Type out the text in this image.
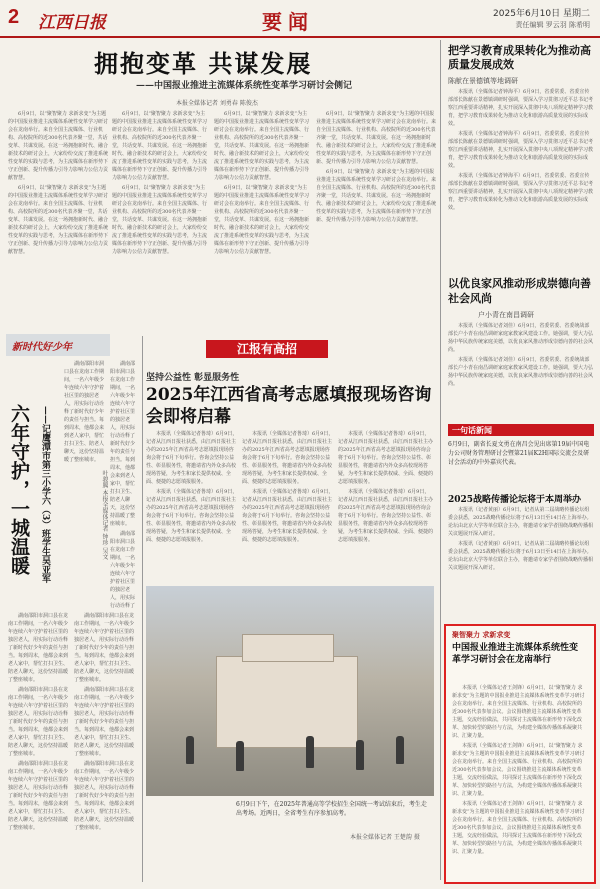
2 江西日报	要闻	2025年6月10日 星期二
责任编辑 罗云羽 陈希明
拥抱变革 共谋发展
——中国报业推进主流媒体系统性变革学习研讨会侧记
本报全媒体记者 刘勇春 陈俊杰

6月9日，以“聚智聚力 求新求变”为主题的中国报业推进主流媒体系统性变革学习研讨会在龙南举行。来自全国主流媒体、行业机构、高校院所的近300名代表齐聚一堂，共话变革、共谋发展。在这一场拥抱新时代、融合新技术的研讨会上，大家纷纷交流了推进系统性变革的实践与思考，为主流媒体在新形势下守正创新、提升传播力引导力影响力公信力贡献智慧。

6月9日，以“聚智聚力 求新求变”为主题的中国报业推进主流媒体系统性变革学习研讨会在龙南举行。来自全国主流媒体、行业机构、高校院所的近300名代表齐聚一堂，共话变革、共谋发展。在这一场拥抱新时代、融合新技术的研讨会上，大家纷纷交流了推进系统性变革的实践与思考，为主流媒体在新形势下守正创新、提升传播力引导力影响力公信力贡献智慧。

6月9日，以“聚智聚力 求新求变”为主题的中国报业推进主流媒体系统性变革学习研讨会在龙南举行。来自全国主流媒体、行业机构、高校院所的近300名代表齐聚一堂，共话变革、共谋发展。在这一场拥抱新时代、融合新技术的研讨会上，大家纷纷交流了推进系统性变革的实践与思考，为主流媒体在新形势下守正创新、提升传播力引导力影响力公信力贡献智慧。

6月9日，以“聚智聚力 求新求变”为主题的中国报业推进主流媒体系统性变革学习研讨会在龙南举行。来自全国主流媒体、行业机构、高校院所的近300名代表齐聚一堂，共话变革、共谋发展。在这一场拥抱新时代、融合新技术的研讨会上，大家纷纷交流了推进系统性变革的实践与思考，为主流媒体在新形势下守正创新、提升传播力引导力影响力公信力贡献智慧。

6月9日，以“聚智聚力 求新求变”为主题的中国报业推进主流媒体系统性变革学习研讨会在龙南举行。来自全国主流媒体、行业机构、高校院所的近300名代表齐聚一堂，共话变革、共谋发展。在这一场拥抱新时代、融合新技术的研讨会上，大家纷纷交流了推进系统性变革的实践与思考，为主流媒体在新形势下守正创新、提升传播力引导力影响力公信力贡献智慧。

6月9日，以“聚智聚力 求新求变”为主题的中国报业推进主流媒体系统性变革学习研讨会在龙南举行。来自全国主流媒体、行业机构、高校院所的近300名代表齐聚一堂，共话变革、共谋发展。在这一场拥抱新时代、融合新技术的研讨会上，大家纷纷交流了推进系统性变革的实践与思考，为主流媒体在新形势下守正创新、提升传播力引导力影响力公信力贡献智慧。

6月9日，以“聚智聚力 求新求变”为主题的中国报业推进主流媒体系统性变革学习研讨会在龙南举行。来自全国主流媒体、行业机构、高校院所的近300名代表齐聚一堂，共话变革、共谋发展。在这一场拥抱新时代、融合新技术的研讨会上，大家纷纷交流了推进系统性变革的实践与思考，为主流媒体在新形势下守正创新、提升传播力引导力影响力公信力贡献智慧。

6月9日，以“聚智聚力 求新求变”为主题的中国报业推进主流媒体系统性变革学习研讨会在龙南举行。来自全国主流媒体、行业机构、高校院所的近300名代表齐聚一堂，共话变革、共谋发展。在这一场拥抱新时代、融合新技术的研讨会上，大家纷纷交流了推进系统性变革的实践与思考，为主流媒体在新形势下守正创新、提升传播力引导力影响力公信力贡献智慧。

把学习教育成果转化为推动高质量发展成效
陈献在景德镇等地调研

本报讯（全媒体记者钟海平）6月9日，省委常委、省委宣传部部长陈献在景德镇调研时强调，要深入学习贯彻习近平总书记考察江西重要讲话精神，扎实开展深入贯彻中央八项规定精神学习教育，把学习教育成果转化为推动文化和旅游高质量发展的实际成效。

本报讯（全媒体记者钟海平）6月9日，省委常委、省委宣传部部长陈献在景德镇调研时强调，要深入学习贯彻习近平总书记考察江西重要讲话精神，扎实开展深入贯彻中央八项规定精神学习教育，把学习教育成果转化为推动文化和旅游高质量发展的实际成效。

本报讯（全媒体记者钟海平）6月9日，省委常委、省委宣传部部长陈献在景德镇调研时强调，要深入学习贯彻习近平总书记考察江西重要讲话精神，扎实开展深入贯彻中央八项规定精神学习教育，把学习教育成果转化为推动文化和旅游高质量发展的实际成效。

以优良家风推动形成崇德向善社会风尚
户小青在南昌调研

本报讯（全媒体记者刘佳）6月9日，省委常委、省委统战部部长户小青在南昌调研家庭家教家风建设工作。她强调，要大力弘扬中华民族传统家庭美德，以优良家风推动形成崇德向善的社会风尚。

本报讯（全媒体记者刘佳）6月9日，省委常委、省委统战部部长户小青在南昌调研家庭家教家风建设工作。她强调，要大力弘扬中华民族传统家庭美德，以优良家风推动形成崇德向善的社会风尚。

一句话新闻
6月9日，副省长夏文勇在南昌会见出席第19届中国电力公司财务管理研讨会暨第21届K2H国际交流会及研讨会活动的中外嘉宾代表。
2025战略传播论坛将于本周举办

本报讯（记者黄丽）6月9日，记者从第二届战略传播论坛组委会获悉，2025战略传播论坛将于6月13日至14日在上海举办。论坛由北京大学等单位联合主办，将邀请专家学者围绕战略传播相关议题展开深入研讨。

本报讯（记者黄丽）6月9日，记者从第二届战略传播论坛组委会获悉，2025战略传播论坛将于6月13日至14日在上海举办。论坛由北京大学等单位联合主办，将邀请专家学者围绕战略传播相关议题展开深入研讨。

聚智聚力 求新求变
中国报业推进主流媒体系统性变革学习研讨会在龙南举行

本报讯（全媒体记者王剑锋）6月9日，以“聚智聚力 求新求变”为主题的中国报业推进主流媒体系统性变革学习研讨会在龙南举行。来自全国主流媒体、行业机构、高校院所的近300名代表参加会议。会议围绕推进主流媒体系统性变革主题，交流经验做法，共同探讨主流媒体在新形势下深化改革、加快转型的路径与方法，为构建全媒体传播体系凝聚共识、汇聚力量。

本报讯（全媒体记者王剑锋）6月9日，以“聚智聚力 求新求变”为主题的中国报业推进主流媒体系统性变革学习研讨会在龙南举行。来自全国主流媒体、行业机构、高校院所的近300名代表参加会议。会议围绕推进主流媒体系统性变革主题，交流经验做法，共同探讨主流媒体在新形势下深化改革、加快转型的路径与方法，为构建全媒体传播体系凝聚共识、汇聚力量。

本报讯（全媒体记者王剑锋）6月9日，以“聚智聚力 求新求变”为主题的中国报业推进主流媒体系统性变革学习研讨会在龙南举行。来自全国主流媒体、行业机构、高校院所的近300名代表参加会议。会议围绕推进主流媒体系统性变革主题，交流经验做法，共同探讨主流媒体在新形势下深化改革、加快转型的路径与方法，为构建全媒体传播体系凝聚共识、汇聚力量。

新时代好少年
六年守护，一城温暖	——记鹰潭市第三小学六（3）班学生吴亚军	叶骏腾 本报全媒体记者 钟珍 吴文

湖南邵阳市洞口县在龙南工作期间，一名六年级少年连续六年守护着社区里的独居老人，用实际行动诠释了新时代好少年的责任与担当。每到周末，他都会来到老人家中，帮忙打扫卫生、陪老人聊天，这份坚持温暖了整座城市。

湖南邵阳市洞口县在龙南工作期间，一名六年级少年连续六年守护着社区里的独居老人，用实际行动诠释了新时代好少年的责任与担当。每到周末，他都会来到老人家中，帮忙打扫卫生、陪老人聊天，这份坚持温暖了整座城市。

湖南邵阳市洞口县在龙南工作期间，一名六年级少年连续六年守护着社区里的独居老人，用实际行动诠释了

湖南邵阳市洞口县在龙南工作期间，一名六年级少年连续六年守护着社区里的独居老人，用实际行动诠释了新时代好少年的责任与担当。每到周末，他都会来到老人家中，帮忙打扫卫生、陪老人聊天，这份坚持温暖了整座城市。

湖南邵阳市洞口县在龙南工作期间，一名六年级少年连续六年守护着社区里的独居老人，用实际行动诠释了新时代好少年的责任与担当。每到周末，他都会来到老人家中，帮忙打扫卫生、陪老人聊天，这份坚持温暖了整座城市。

湖南邵阳市洞口县在龙南工作期间，一名六年级少年连续六年守护着社区里的独居老人，用实际行动诠释了新时代好少年的责任与担当。每到周末，他都会来到老人家中，帮忙打扫卫生、陪老人聊天，这份坚持温暖了整座城市。

湖南邵阳市洞口县在龙南工作期间，一名六年级少年连续六年守护着社区里的独居老人，用实际行动诠释了新时代好少年的责任与担当。每到周末，他都会来到老人家中，帮忙打扫卫生、陪老人聊天，这份坚持温暖了整座城市。

湖南邵阳市洞口县在龙南工作期间，一名六年级少年连续六年守护着社区里的独居老人，用实际行动诠释了新时代好少年的责任与担当。每到周末，他都会来到老人家中，帮忙打扫卫生、陪老人聊天，这份坚持温暖了整座城市。

湖南邵阳市洞口县在龙南工作期间，一名六年级少年连续六年守护着社区里的独居老人，用实际行动诠释了新时代好少年的责任与担当。每到周末，他都会来到老人家中，帮忙打扫卫生、陪老人聊天，这份坚持温暖了整座城市。

江报有高招
坚持公益性 彰显服务性
2025年江西省高考志愿填报现场咨询会即将启幕

本报讯（全媒体记者鲁琦）6月9日，记者从江西日报社获悉，由江西日报社主办的2025年江西省高考志愿填报现场咨询会将于6月下旬举行。咨询会坚持公益性、彰显服务性，将邀请省内外众多高校现场答疑，为考生和家长提供权威、全面、便捷的志愿填报服务。

本报讯（全媒体记者鲁琦）6月9日，记者从江西日报社获悉，由江西日报社主办的2025年江西省高考志愿填报现场咨询会将于6月下旬举行。咨询会坚持公益性、彰显服务性，将邀请省内外众多高校现场答疑，为考生和家长提供权威、全面、便捷的志愿填报服务。

本报讯（全媒体记者鲁琦）6月9日，记者从江西日报社获悉，由江西日报社主办的2025年江西省高考志愿填报现场咨询会将于6月下旬举行。咨询会坚持公益性、彰显服务性，将邀请省内外众多高校现场答疑，为考生和家长提供权威、全面、便捷的志愿填报服务。

本报讯（全媒体记者鲁琦）6月9日，记者从江西日报社获悉，由江西日报社主办的2025年江西省高考志愿填报现场咨询会将于6月下旬举行。咨询会坚持公益性、彰显服务性，将邀请省内外众多高校现场答疑，为考生和家长提供权威、全面、便捷的志愿填报服务。

本报讯（全媒体记者鲁琦）6月9日，记者从江西日报社获悉，由江西日报社主办的2025年江西省高考志愿填报现场咨询会将于6月下旬举行。咨询会坚持公益性、彰显服务性，将邀请省内外众多高校现场答疑，为考生和家长提供权威、全面、便捷的志愿填报服务。

本报讯（全媒体记者鲁琦）6月9日，记者从江西日报社获悉，由江西日报社主办的2025年江西省高考志愿填报现场咨询会将于6月下旬举行。咨询会坚持公益性、彰显服务性，将邀请省内外众多高校现场答疑，为考生和家长提供权威、全面、便捷的志愿填报服务。

6月9日下午，在2025年普通高等学校招生全国统一考试结束后，考生走出考场。近两日，全省考生有序参加高考。
本报全媒体记者 王楚韵 摄
